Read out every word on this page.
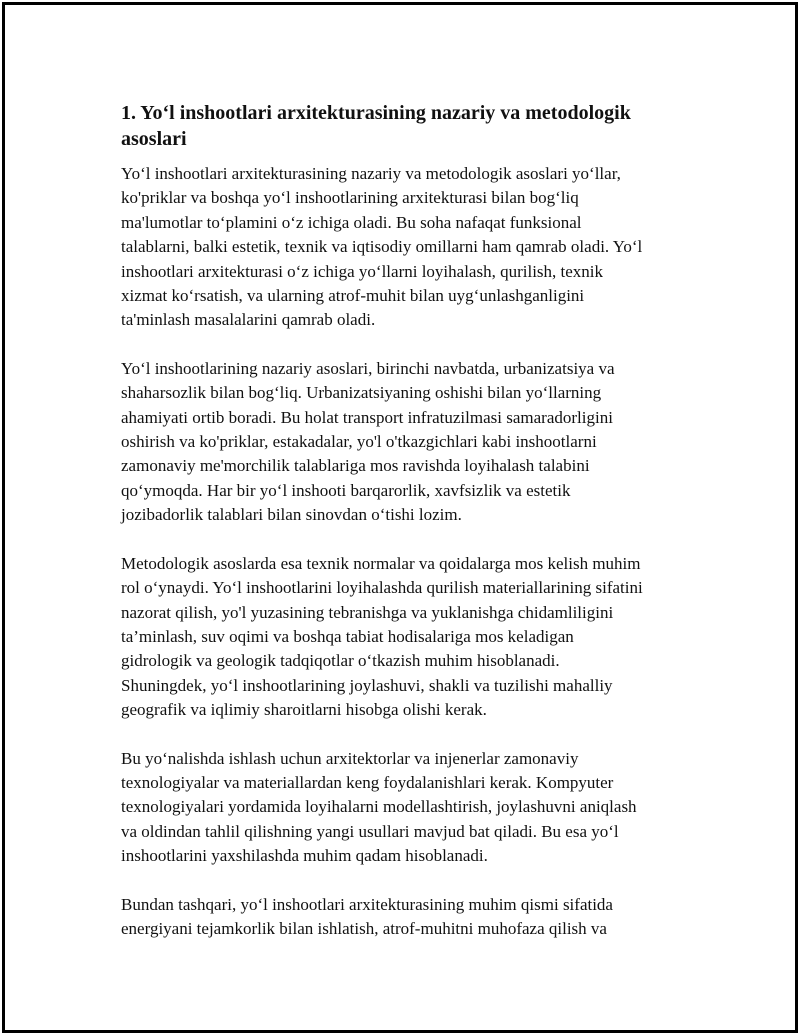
1. Yo‘l inshootlari arxitekturasining nazariy va metodologik
asoslari

Yo‘l inshootlari arxitekturasining nazariy va metodologik asoslari yo‘llar,
ko'priklar va boshqa yo‘l inshootlarining arxitekturasi bilan bog‘liq
ma'lumotlar to‘plamini o‘z ichiga oladi. Bu soha nafaqat funksional
talablarni, balki estetik, texnik va iqtisodiy omillarni ham qamrab oladi. Yo‘l
inshootlari arxitekturasi o‘z ichiga yo‘llarni loyihalash, qurilish, texnik
xizmat ko‘rsatish, va ularning atrof-muhit bilan uyg‘unlashganligini
ta'minlash masalalarini qamrab oladi.

Yo‘l inshootlarining nazariy asoslari, birinchi navbatda, urbanizatsiya va
shaharsozlik bilan bog‘liq. Urbanizatsiyaning oshishi bilan yo‘llarning
ahamiyati ortib boradi. Bu holat transport infratuzilmasi samaradorligini
oshirish va ko'priklar, estakadalar, yo'l o'tkazgichlari kabi inshootlarni
zamonaviy me'morchilik talablariga mos ravishda loyihalash talabini
qo‘ymoqda. Har bir yo‘l inshooti barqarorlik, xavfsizlik va estetik
jozibadorlik talablari bilan sinovdan o‘tishi lozim.

Metodologik asoslarda esa texnik normalar va qoidalarga mos kelish muhim
rol o‘ynaydi. Yo‘l inshootlarini loyihalashda qurilish materiallarining sifatini
nazorat qilish, yo'l yuzasining tebranishga va yuklanishga chidamliligini
ta’minlash, suv oqimi va boshqa tabiat hodisalariga mos keladigan
gidrologik va geologik tadqiqotlar o‘tkazish muhim hisoblanadi.
Shuningdek, yo‘l inshootlarining joylashuvi, shakli va tuzilishi mahalliy
geografik va iqlimiy sharoitlarni hisobga olishi kerak.

Bu yo‘nalishda ishlash uchun arxitektorlar va injenerlar zamonaviy
texnologiyalar va materiallardan keng foydalanishlari kerak. Kompyuter
texnologiyalari yordamida loyihalarni modellashtirish, joylashuvni aniqlash
va oldindan tahlil qilishning yangi usullari mavjud bat qiladi. Bu esa yo‘l
inshootlarini yaxshilashda muhim qadam hisoblanadi.

Bundan tashqari, yo‘l inshootlari arxitekturasining muhim qismi sifatida
energiyani tejamkorlik bilan ishlatish, atrof-muhitni muhofaza qilish va
